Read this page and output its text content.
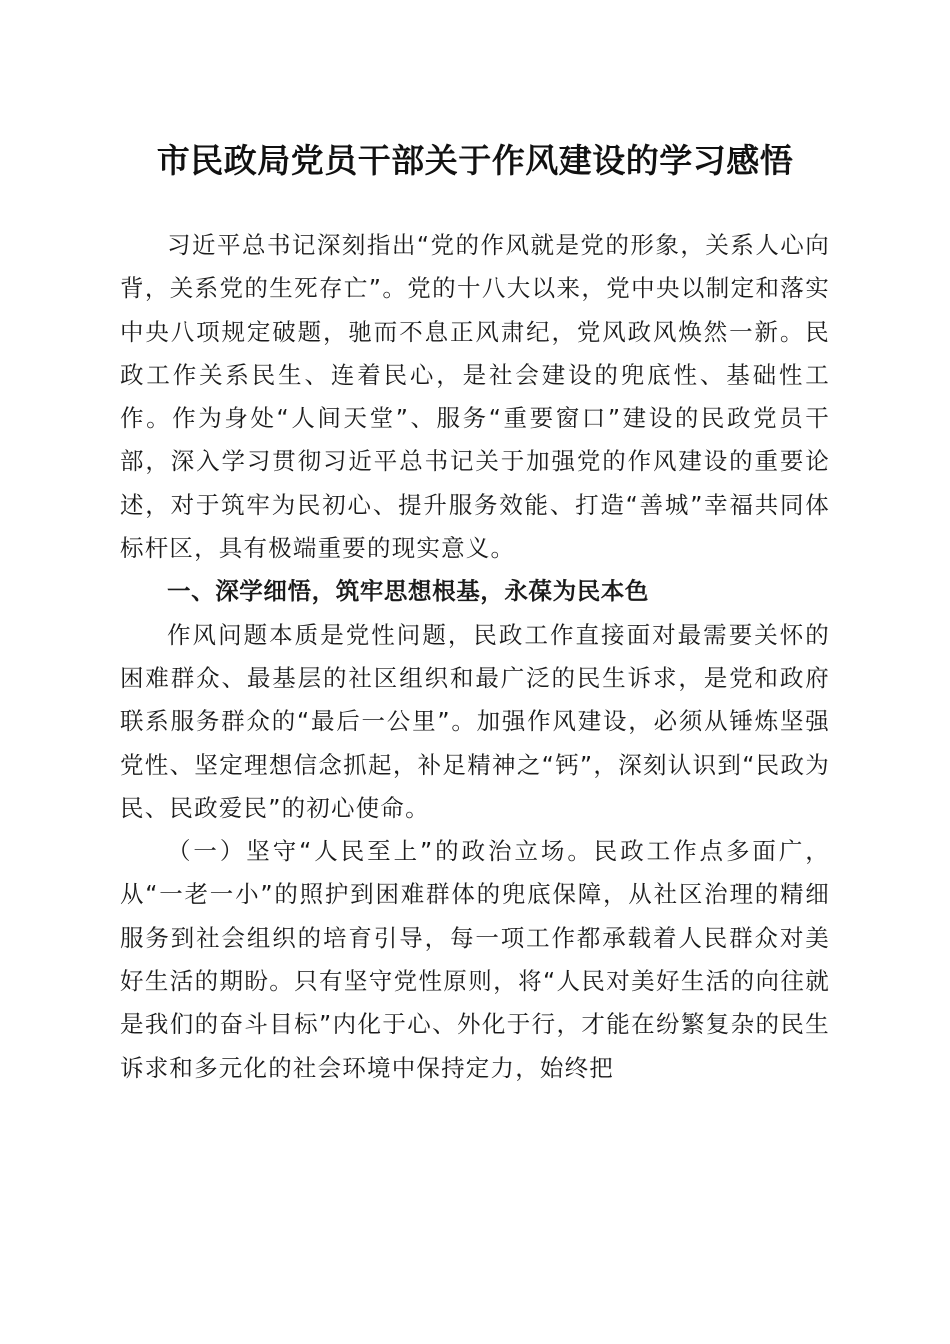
市民政局党员干部关于作风建设的学习感悟

习近平总书记深刻指出“党的作风就是党的形象，关系人心向背，关系党的生死存亡”。党的十八大以来，党中央以制定和落实中央八项规定破题，驰而不息正风肃纪，党风政风焕然一新。民政工作关系民生、连着民心，是社会建设的兜底性、基础性工作。作为身处“人间天堂”、服务“重要窗口”建设的民政党员干部，深入学习贯彻习近平总书记关于加强党的作风建设的重要论述，对于筑牢为民初心、提升服务效能、打造“善城”幸福共同体标杆区，具有极端重要的现实意义。

一、深学细悟，筑牢思想根基，永葆为民本色

作风问题本质是党性问题，民政工作直接面对最需要关怀的困难群众、最基层的社区组织和最广泛的民生诉求，是党和政府联系服务群众的“最后一公里”。加强作风建设，必须从锤炼坚强党性、坚定理想信念抓起，补足精神之“钙”，深刻认识到“民政为民、民政爱民”的初心使命。

（一）坚守“人民至上”的政治立场。民政工作点多面广，从“一老一小”的照护到困难群体的兜底保障，从社区治理的精细服务到社会组织的培育引导，每一项工作都承载着人民群众对美好生活的期盼。只有坚守党性原则，将“人民对美好生活的向往就是我们的奋斗目标”内化于心、外化于行，才能在纷繁复杂的民生诉求和多元化的社会环境中保持定力，始终把
